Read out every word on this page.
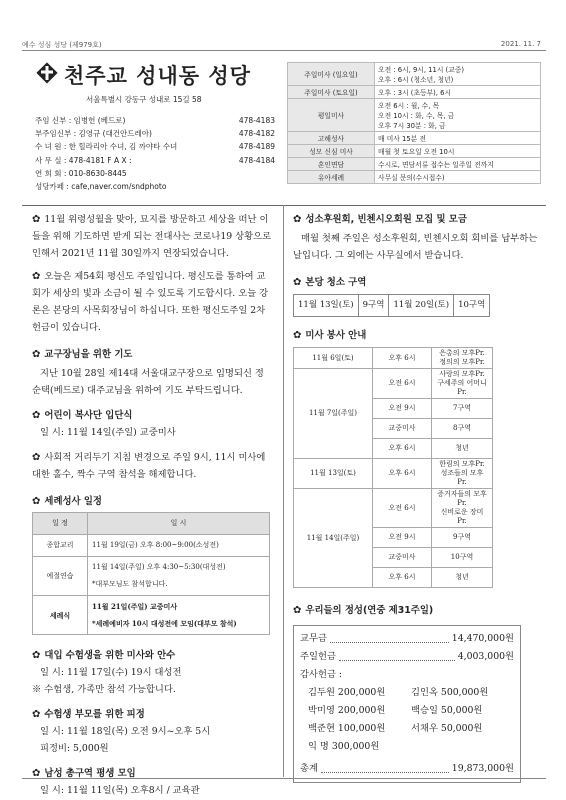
예수 성심 성당 (제979호)	2021. 11. 7
천주교 성내동 성당
서울특별시 강동구 성내로 15길 58
주임 신부 : 임병헌 (베드로)	478-4183
부주임신부 : 김영규 (대건안드레아)	478-4182
수 녀 원 : 한 힐라리아 수녀, 김 까야타 수녀	478-4189
사 무 실 : 478-4181 F A X :	478-4184
연 희 회 : 010-8630-8445
성당카페 : cafe,naver.com/sndphoto
주일미사 (일요일)	오전 : 6시, 9시, 11시 (교중)
오후 : 6시 (청소년, 청년)
주일미사 (토요일)	오후 : 3시 (초등부), 6시
평일미사	오전 6시 : 월, 수, 목
오전 10시 : 화, 수, 목, 금
오후 7시 30분 : 화, 금
고해성사	매 미사 15분 전
성모 신심 미사	매월 첫 토요일 오전 10시
혼인면담	수시로, 면담서류 접수는 일주일 전까지
유아세례	사무실 문의(수시접수)
✿ 11월 위령성월을 맞아, 묘지를 방문하고 세상을 떠난 이들을 위해 기도하면 받게 되는 전대사는 코로나19 상황으로 인해서 2021년 11월 30일까지 연장되었습니다.
✿ 오늘은 제54회 평신도 주일입니다. 평신도를 통하여 교회가 세상의 빛과 소금이 될 수 있도록 기도합시다. 오늘 강론은 본당의 사목회장님이 하십니다. 또한 평신도주일 2차 헌금이 있습니다.
✿ 교구장님을 위한 기도
지난 10월 28일 제14대 서울대교구장으로 임명되신 정순택(베드로) 대주교님을 위하여 기도 부탁드립니다.
✿ 어린이 복사단 입단식
일 시: 11월 14일(주일) 교중미사
✿ 사회적 거리두기 지침 변경으로 주일 9시, 11시 미사에 대한 홀수, 짝수 구역 참석을 해제합니다.
✿ 세례성사 일정
일 정	일 시
종합교리	11월 19일(금) 오후 8:00~9:00(소성전)
예절연습	11월 14일(주일) 오후 4:30~5:30(대성전)
*대부모님도 참석합니다.
세례식	11월 21일(주일) 교중미사
*세례예비자 10시 대성전에 모임(대부모 참석)
✿ 대입 수험생을 위한 미사와 안수
일 시: 11월 17일(수) 19시 대성전
※ 수험생, 가족만 참석 가능합니다.
✿ 수험생 부모를 위한 피정
일 시: 11월 18일(목) 오전 9시~오후 5시
피정비: 5,000원
✿ 남성 총구역 평생 모임
일 시: 11월 11일(목) 오후8시 / 교육관
✿ 성소후원회, 빈첸시오회원 모집 및 모금
매월 첫째 주일은 성소후원회, 빈첸시오회 회비를 납부하는 날입니다. 그 외에는 사무실에서 받습니다.
✿ 본당 청소 구역
11월 13일(토)	9구역	11월 20일(토)	10구역
✿ 미사 봉사 안내
11월 6일(토)	오후 6시	은총의 모후Pr.
정의의 모후Pr.
11월 7일(주일)	오전 6시	사랑의 모후Pr.
구세주의 어머니Pr.
	오전 9시	7구역
	교중미사	8구역
	오후 6시	청년
11월 13일(토)	오후 6시	한림의 모후Pr.
성조들의 모후Pr.
11월 14일(주일)	오전 6시	증거자들의 모후Pr.
신비로운 장미Pr.
	오전 9시	9구역
	교중미사	10구역
	오후 6시	청년
✿ 우리들의 정성(연중 제31주일)
교무금	14,470,000원
주일헌금	4,003,000원
감사헌금 :
김두원 200,000원	김인옥 500,000원
박미영 200,000원	백승일 50,000원
백준현 100,000원	서채우 50,000원
익 명 300,000원
총계	19,873,000원
